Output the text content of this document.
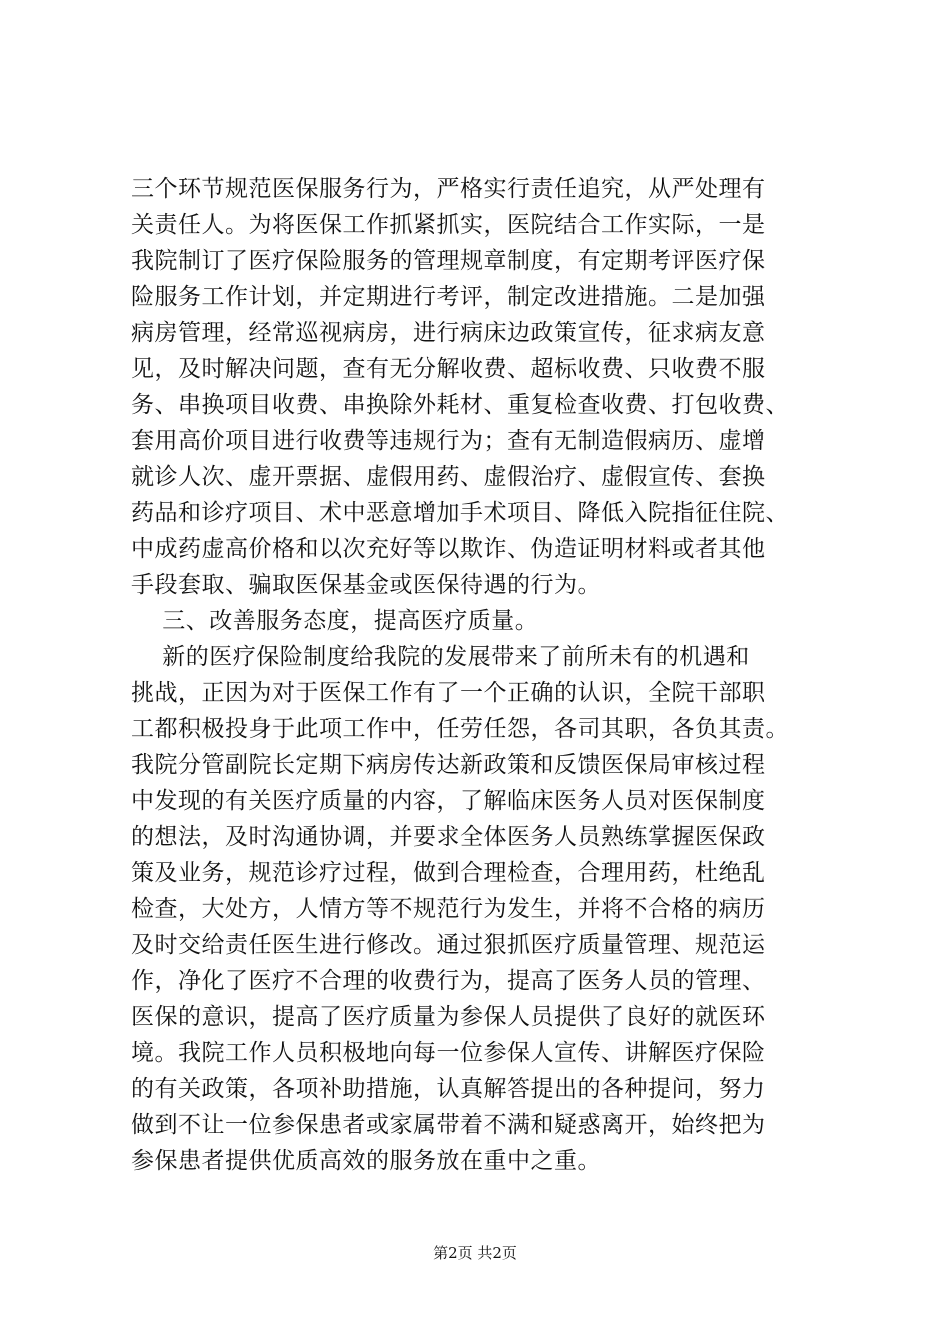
三个环节规范医保服务行为，严格实行责任追究，从严处理有
关责任人。为将医保工作抓紧抓实，医院结合工作实际，一是
我院制订了医疗保险服务的管理规章制度，有定期考评医疗保
险服务工作计划，并定期进行考评，制定改进措施。二是加强
病房管理，经常巡视病房，进行病床边政策宣传，征求病友意
见，及时解决问题，查有无分解收费、超标收费、只收费不服
务、串换项目收费、串换除外耗材、重复检查收费、打包收费、
套用高价项目进行收费等违规行为；查有无制造假病历、虚增
就诊人次、虚开票据、虚假用药、虚假治疗、虚假宣传、套换
药品和诊疗项目、术中恶意增加手术项目、降低入院指征住院、
中成药虚高价格和以次充好等以欺诈、伪造证明材料或者其他
手段套取、骗取医保基金或医保待遇的行为。
三、改善服务态度，提高医疗质量。
新的医疗保险制度给我院的发展带来了前所未有的机遇和
挑战，正因为对于医保工作有了一个正确的认识，全院干部职
工都积极投身于此项工作中，任劳任怨，各司其职，各负其责。
我院分管副院长定期下病房传达新政策和反馈医保局审核过程
中发现的有关医疗质量的内容，了解临床医务人员对医保制度
的想法，及时沟通协调，并要求全体医务人员熟练掌握医保政
策及业务，规范诊疗过程，做到合理检查，合理用药，杜绝乱
检查，大处方，人情方等不规范行为发生，并将不合格的病历
及时交给责任医生进行修改。通过狠抓医疗质量管理、规范运
作，净化了医疗不合理的收费行为，提高了医务人员的管理、
医保的意识，提高了医疗质量为参保人员提供了良好的就医环
境。我院工作人员积极地向每一位参保人宣传、讲解医疗保险
的有关政策，各项补助措施，认真解答提出的各种提问，努力
做到不让一位参保患者或家属带着不满和疑惑离开，始终把为
参保患者提供优质高效的服务放在重中之重。
第2页 共2页
